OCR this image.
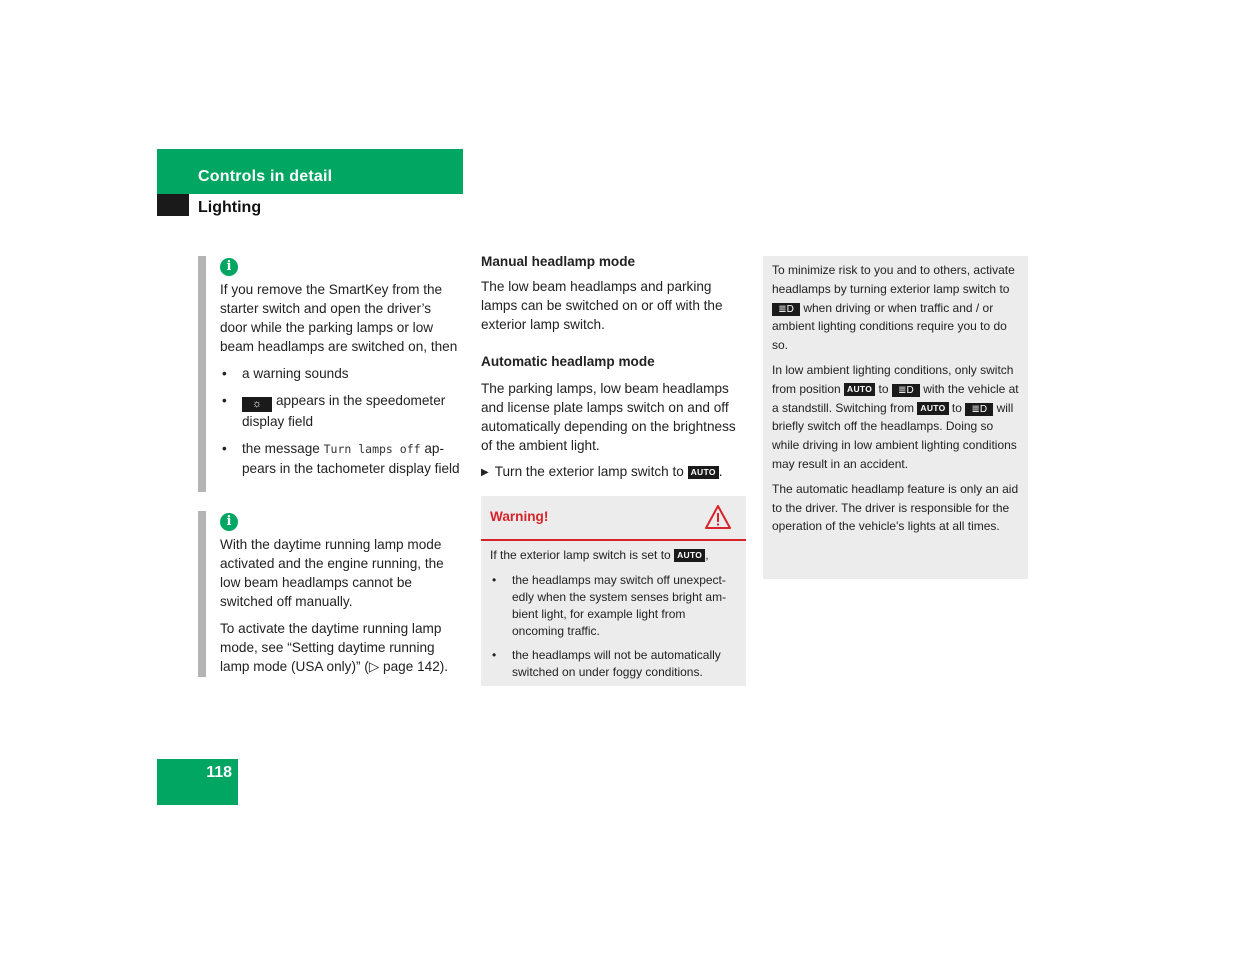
Controls in detail
Lighting
i

If you remove the SmartKey from the starter switch and open the driver’s door while the parking lamps or low beam headlamps are switched on, then

• a warning sounds
• ☼ appears in the speedometer display field
• the message Turn lamps off appears in the tachometer display field
i

With the daytime running lamp mode activated and the engine running, the low beam headlamps cannot be switched off manually.

To activate the daytime running lamp mode, see “Setting daytime running lamp mode (USA only)” (▷ page 142).

Manual headlamp mode

The low beam headlamps and parking lamps can be switched on or off with the exterior lamp switch.

Automatic headlamp mode

The parking lamps, low beam headlamps and license plate lamps switch on and off automatically depending on the brightness of the ambient light.

▶ Turn the exterior lamp switch to AUTO .

Warning!

If the exterior lamp switch is set to AUTO ,

• the headlamps may switch off unexpectedly when the system senses bright ambient light, for example light from oncoming traffic.
• the headlamps will not be automatically switched on under foggy conditions.

To minimize risk to you and to others, activate headlamps by turning exterior lamp switch to ≣D when driving or when traffic and / or ambient lighting conditions require you to do so.

In low ambient lighting conditions, only switch from position AUTO to ≣D with the vehicle at a standstill. Switching from AUTO to ≣D will briefly switch off the headlamps. Doing so while driving in low ambient lighting conditions may result in an accident.

The automatic headlamp feature is only an aid to the driver. The driver is responsible for the operation of the vehicle's lights at all times.

118
